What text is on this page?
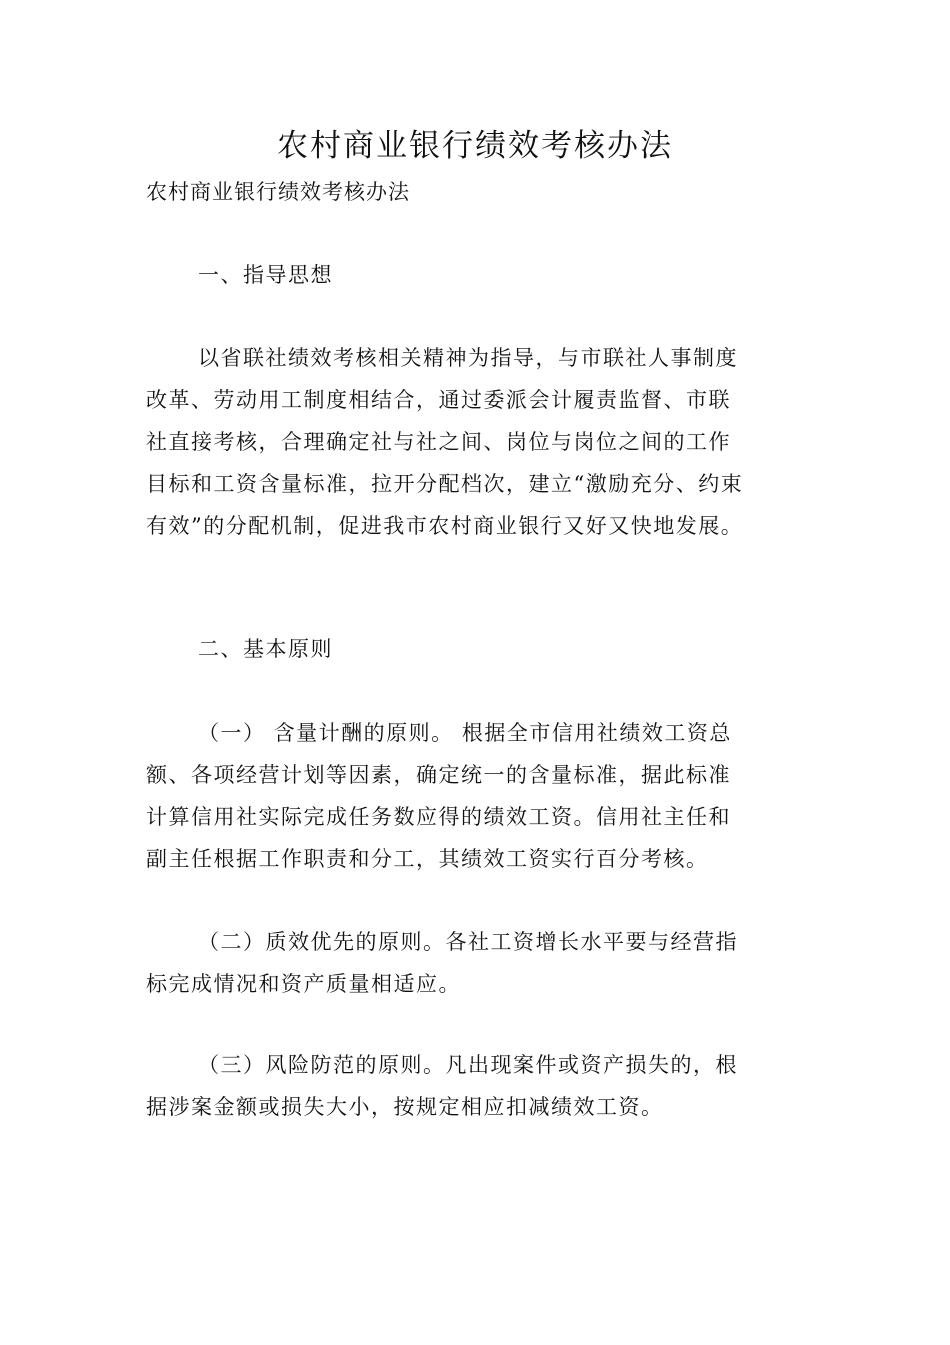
农村商业银行绩效考核办法
农村商业银行绩效考核办法

一、指导思想

以省联社绩效考核相关精神为指导，与市联社人事制度改革、劳动用工制度相结合，通过委派会计履责监督、市联社直接考核，合理确定社与社之间、岗位与岗位之间的工作目标和工资含量标准，拉开分配档次，建立“激励充分、约束有效”的分配机制，促进我市农村商业银行又好又快地发展。

二、基本原则

（一） 含量计酬的原则。 根据全市信用社绩效工资总额、各项经营计划等因素，确定统一的含量标准，据此标准计算信用社实际完成任务数应得的绩效工资。信用社主任和副主任根据工作职责和分工，其绩效工资实行百分考核。

（二）质效优先的原则。各社工资增长水平要与经营指标完成情况和资产质量相适应。

（三）风险防范的原则。凡出现案件或资产损失的，根据涉案金额或损失大小，按规定相应扣减绩效工资。
